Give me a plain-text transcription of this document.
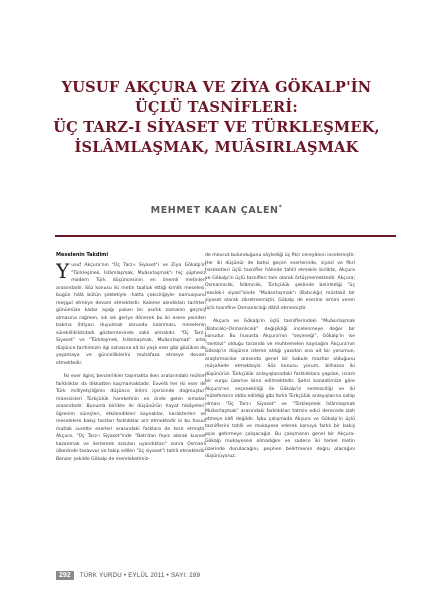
YUSUF AKÇURA VE ZİYA GÖKALP'İN
ÜÇLÜ TASNİFLERİ:
ÜÇ TARZ-I SİYASET VE TÜRKLEŞMEK,
İSLÂMLAŞMAK, MUÂSIRLAŞMAK
MEHMET KAAN ÇALEN*
Meselenin Takdimi

Yusuf Akçura'nın "Üç Tarz-ı Siyaset"i ve Ziya Gökalp'in "Türkleşmek, İslâmlaşmak, Muâsırlaşmak"ı hiç şüphesiz modern Türk düşüncesinin en önemli metinleri arasındadır. Söz konusu iki metin taalluk ettiği kimlik meselesi, bugün hâlâ bütün şiddetiyle -hatta çekiciliğiyle- kamuoyunu meşgul etmeye devam etmektedir. Kaleme alındıkları tarihten günümüze kadar aşağı yukarı bir asırlık zamanın geçmiş olmasına rağmen, sık sık geriye dönerek bu iki esere yeniden bakma ihtiyacı duyulmak zorunda kalınması, meselenin sürekliliklistidadı göstermesinde saklı olmalıdır. "Üç Tarz-ı Siyaset" ve "Türkleşmek, İslâmlaşmak, Muâsırlaşmak" artık düşünce tarihimizin ilgi sahasına ait iki yaşlı eser gibi gözükse de yaşamaya ve güncelliklerini muhafaza etmeye devam etmektedir.

İki eser ilginç benzerlikler taşımakta iken aralarındaki mühim farklılıklar da dikkatten kaçmamaktadır. Evvelâ her iki eser de Türk milliyetçiliğinin düşünce iklimi içerisinde doğmuştur; müessisleri Türkçülük hareketinin en önde gelen simaları arasındadır. Bununla birlikte iki düşünürün hayat hikâyeleri, öğrenim süreçleri, etkilendikleri kaynaklar, karakterleri ve meselelere bakış tarzları farklılıklar arz etmektedir ki bu husus mutlak surette eserleri arasındaki farklara da tesir etmiştir. Akçura, "Üç Tarz-ı Siyaset"inde "Batı'dan feyiz alarak kuvvet kazanmak ve ilerlemek arzuları uyandıktan" sonra Osmanlı ülkesinde tasavvur ve takip edilen "üç siyaset"i tahlil etmektedir. Benzer şekilde Gökalp de memleketimiz-

de mevcut bulunduğunu söylediği üç fikir cereyânını incelemiştir. Her iki düşünür de bahsi geçen eserlerinde, siyasî ve fikrî hareketleri üçlü tasnifler hâlinde tahlil etmekle birlikte, Akçura ve Gökalp'in üçlü tasnifleri tam olarak örtüşmemektedir. Akçura; Osmanlıcılık, İslâmcılık, Türkçülük şeklinde belirlediği "üç meslek-i siyasî"sinde "Muâsırlaşmak"ı (Batıcılığı) müstakil bir siyaset olarak zikretmemiştir. Gökalp de eserine ismini veren üçlü tasnifine Osmanlıcılığı dâhil etmemiştir.

Akçura ve Gökalp'in üçlü tasniflerindeki "Muâsırlaşmak (Batıcılık)-Osmanlıcılık" değişikliği incelenmeye değer bir konudur. Bu hususta Akçura'nın "seçeneği", Gökalp'in ise "sentezi" olduğu tarzında ve muhtemelen kaynağını Akçura'nın Gökalp'in düşünce izleme aldığı yazıdan ona ait bir yorumun, araştırmacılar arasında genel bir kabule mazhar olduğunu müşahede etmekteyiz. Söz konusu yorum, bilhassa iki düşünürün Türkçülük anlayışlarındaki farklılıklara yapılan, israrlı bir vurgu üzerine bina edilmektedir. Şahsî kanaatimize göre Akçura'nın seçenekliliği ile Gökalp'in sentezciliği ve iki müteferkirin iddia edildiği gibi farklı Türkçülük anlayışlarına sahip olması "Üç Tarz-ı Siyaset" ve "Türkleşmek İslâmlaşmak Muâsırlaşmak" arasındaki farklılıkları tatmin edici derecede izah etmeye kâfi değildir. İşbu çalışmada Akçura ve Gökalp'in üçlü tasniflerini tahlil ve mukayese ederek konuya farklı bir bakış açısı getirmeye çalışacağız. Bu çalışmanın genel bir Akçura-Gökalp mukayesesi olmadığını ve sadece iki temel metin üzerinde durulacağını, peşinen belirtmenin doğru olacağını düşünüyoruz.

292	TÜRK YURDU • EYLÜL 2011 • SAYI: 289
